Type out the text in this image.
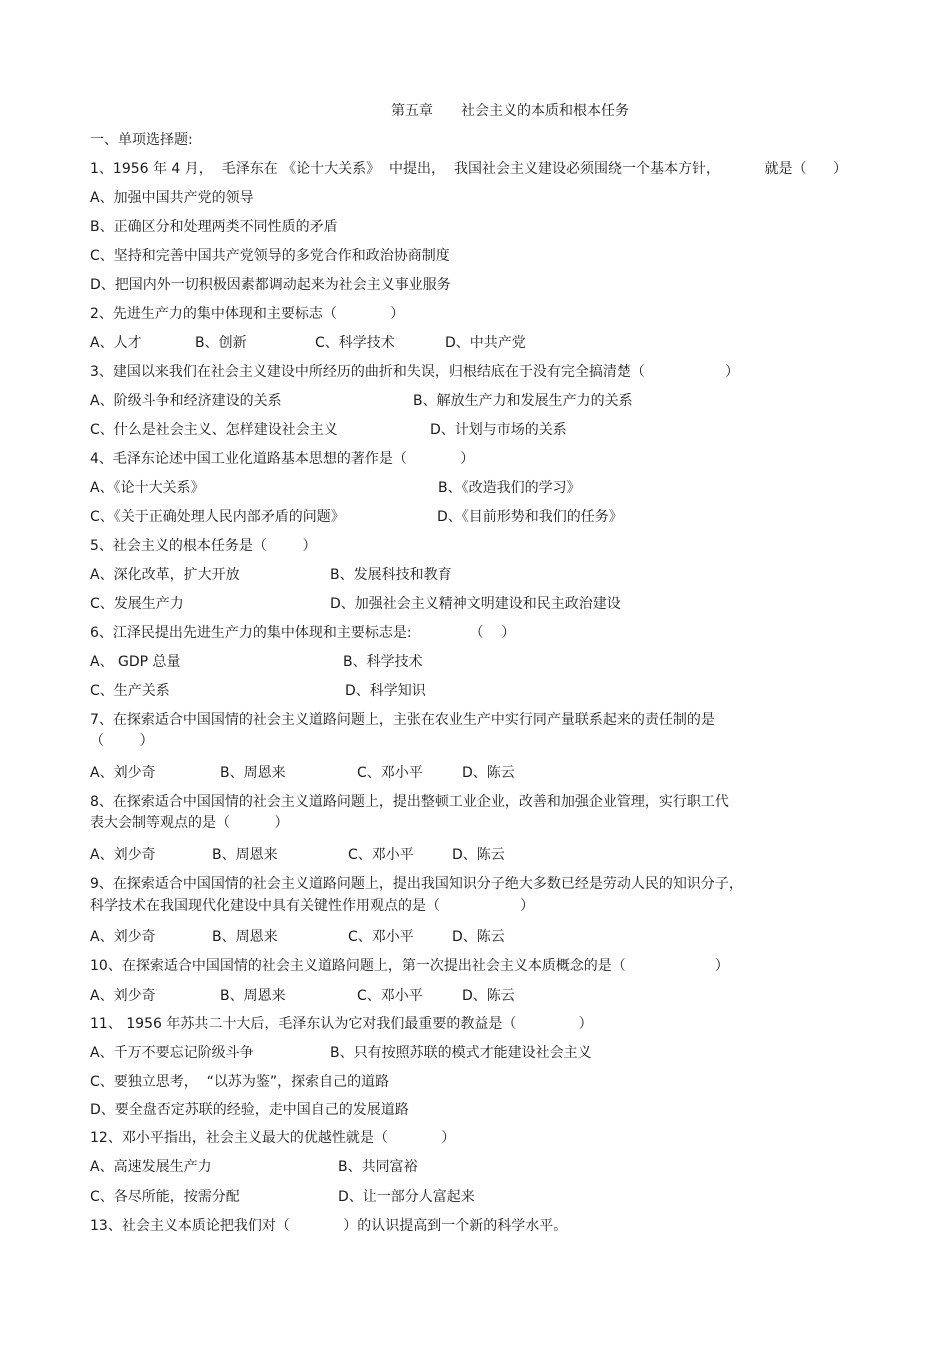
第五章　　社会主义的本质和根本任务
一、单项选择题:
1、1956 年 4 月，  毛泽东在 《论十大关系》  中提出，  我国社会主义建设必须围绕一个基本方针，          就是（      ）
A、加强中国共产党的领导
B、正确区分和处理两类不同性质的矛盾
C、坚持和完善中国共产党领导的多党合作和政治协商制度
D、把国内外一切积极因素都调动起来为社会主义事业服务
2、先进生产力的集中体现和主要标志（            ）
A、人才	B、创新	C、科学技术	D、中共产党
3、建国以来我们在社会主义建设中所经历的曲折和失误，归根结底在于没有完全搞清楚（                  ）
A、阶级斗争和经济建设的关系	B、解放生产力和发展生产力的关系
C、什么是社会主义、怎样建设社会主义	D、计划与市场的关系
4、毛泽东论述中国工业化道路基本思想的著作是（            ）
A、《论十大关系》	B、《改造我们的学习》
C、《关于正确处理人民内部矛盾的问题》	D、《目前形势和我们的任务》
5、社会主义的根本任务是（        ）
A、深化改革，扩大开放	B、发展科技和教育
C、发展生产力	D、加强社会主义精神文明建设和民主政治建设
6、江泽民提出先进生产力的集中体现和主要标志是:             （    ）
A、 GDP 总量	B、科学技术
C、生产关系	D、科学知识
7、在探索适合中国国情的社会主义道路问题上，主张在农业生产中实行同产量联系起来的责任制的是
（        ）
A、刘少奇	B、周恩来	C、邓小平	D、陈云
8、在探索适合中国国情的社会主义道路问题上，提出整顿工业企业，改善和加强企业管理，实行职工代
表大会制等观点的是（          ）
A、刘少奇	B、周恩来	C、邓小平	D、陈云
9、在探索适合中国国情的社会主义道路问题上，提出我国知识分子绝大多数已经是劳动人民的知识分子，
科学技术在我国现代化建设中具有关键性作用观点的是（                  ）
A、刘少奇	B、周恩来	C、邓小平	D、陈云
10、在探索适合中国国情的社会主义道路问题上，第一次提出社会主义本质概念的是（                    ）
A、刘少奇	B、周恩来	C、邓小平	D、陈云
11、 1956 年苏共二十大后，毛泽东认为它对我们最重要的教益是（              ）
A、千万不要忘记阶级斗争	B、只有按照苏联的模式才能建设社会主义
C、要独立思考，  “以苏为鉴”，探索自己的道路
D、要全盘否定苏联的经验，走中国自己的发展道路
12、邓小平指出，社会主义最大的优越性就是（            ）
A、高速发展生产力	B、共同富裕
C、各尽所能，按需分配	D、让一部分人富起来
13、社会主义本质论把我们对（            ）的认识提高到一个新的科学水平。
